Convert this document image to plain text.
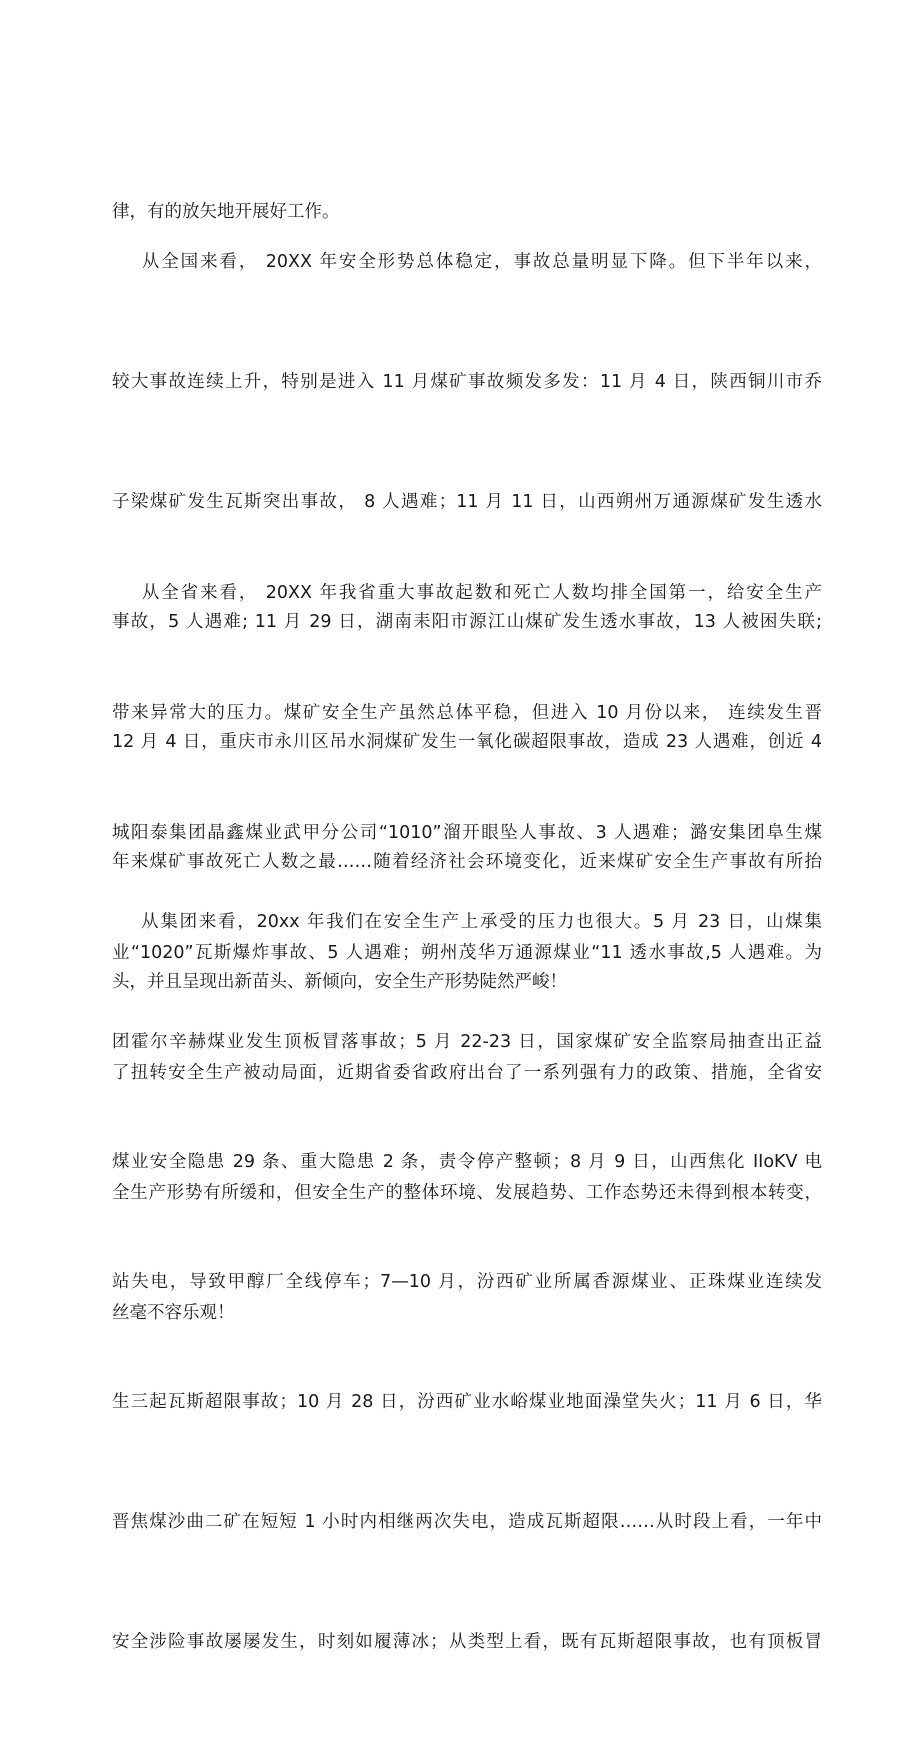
律，有的放矢地开展好工作。

从全国来看， 20XX 年安全形势总体稳定，事故总量明显下降。但下半年以来，

较大事故连续上升，特别是进入 11 月煤矿事故频发多发：11 月 4 日，陕西铜川市乔

子梁煤矿发生瓦斯突出事故， 8 人遇难；11 月 11 日，山西朔州万通源煤矿发生透水

事故，5 人遇难; 11 月 29 日，湖南耒阳市源江山煤矿发生透水事故，13 人被困失联;

12 月 4 日，重庆市永川区吊水洞煤矿发生一氧化碳超限事故，造成 23 人遇难，创近 4

年来煤矿事故死亡人数之最……随着经济社会环境变化，近来煤矿安全生产事故有所抬

头，并且呈现出新苗头、新倾向，安全生产形势陡然严峻！

从全省来看， 20XX 年我省重大事故起数和死亡人数均排全国第一，给安全生产

带来异常大的压力。煤矿安全生产虽然总体平稳，但进入 10 月份以来， 连续发生晋

城阳泰集团晶鑫煤业武甲分公司“1010”溜开眼坠人事故、3 人遇难；潞安集团阜生煤

业“1020”瓦斯爆炸事故、5 人遇难；朔州茂华万通源煤业“11 透水事故,5 人遇难。为

了扭转安全生产被动局面，近期省委省政府出台了一系列强有力的政策、措施，全省安

全生产形势有所缓和，但安全生产的整体环境、发展趋势、工作态势还未得到根本转变，

丝毫不容乐观！

从集团来看，20xx 年我们在安全生产上承受的压力也很大。5 月 23 日，山煤集

团霍尔辛赫煤业发生顶板冒落事故；5 月 22-23 日，国家煤矿安全监察局抽查出正益

煤业安全隐患 29 条、重大隐患 2 条，责令停产整顿；8 月 9 日，山西焦化 IIoKV 电

站失电，导致甲醇厂全线停车；7—10 月，汾西矿业所属香源煤业、正珠煤业连续发

生三起瓦斯超限事故；10 月 28 日，汾西矿业水峪煤业地面澡堂失火；11 月 6 日，华

晋焦煤沙曲二矿在短短 1 小时内相继两次失电，造成瓦斯超限……从时段上看，一年中

安全涉险事故屡屡发生，时刻如履薄冰；从类型上看，既有瓦斯超限事故，也有顶板冒
